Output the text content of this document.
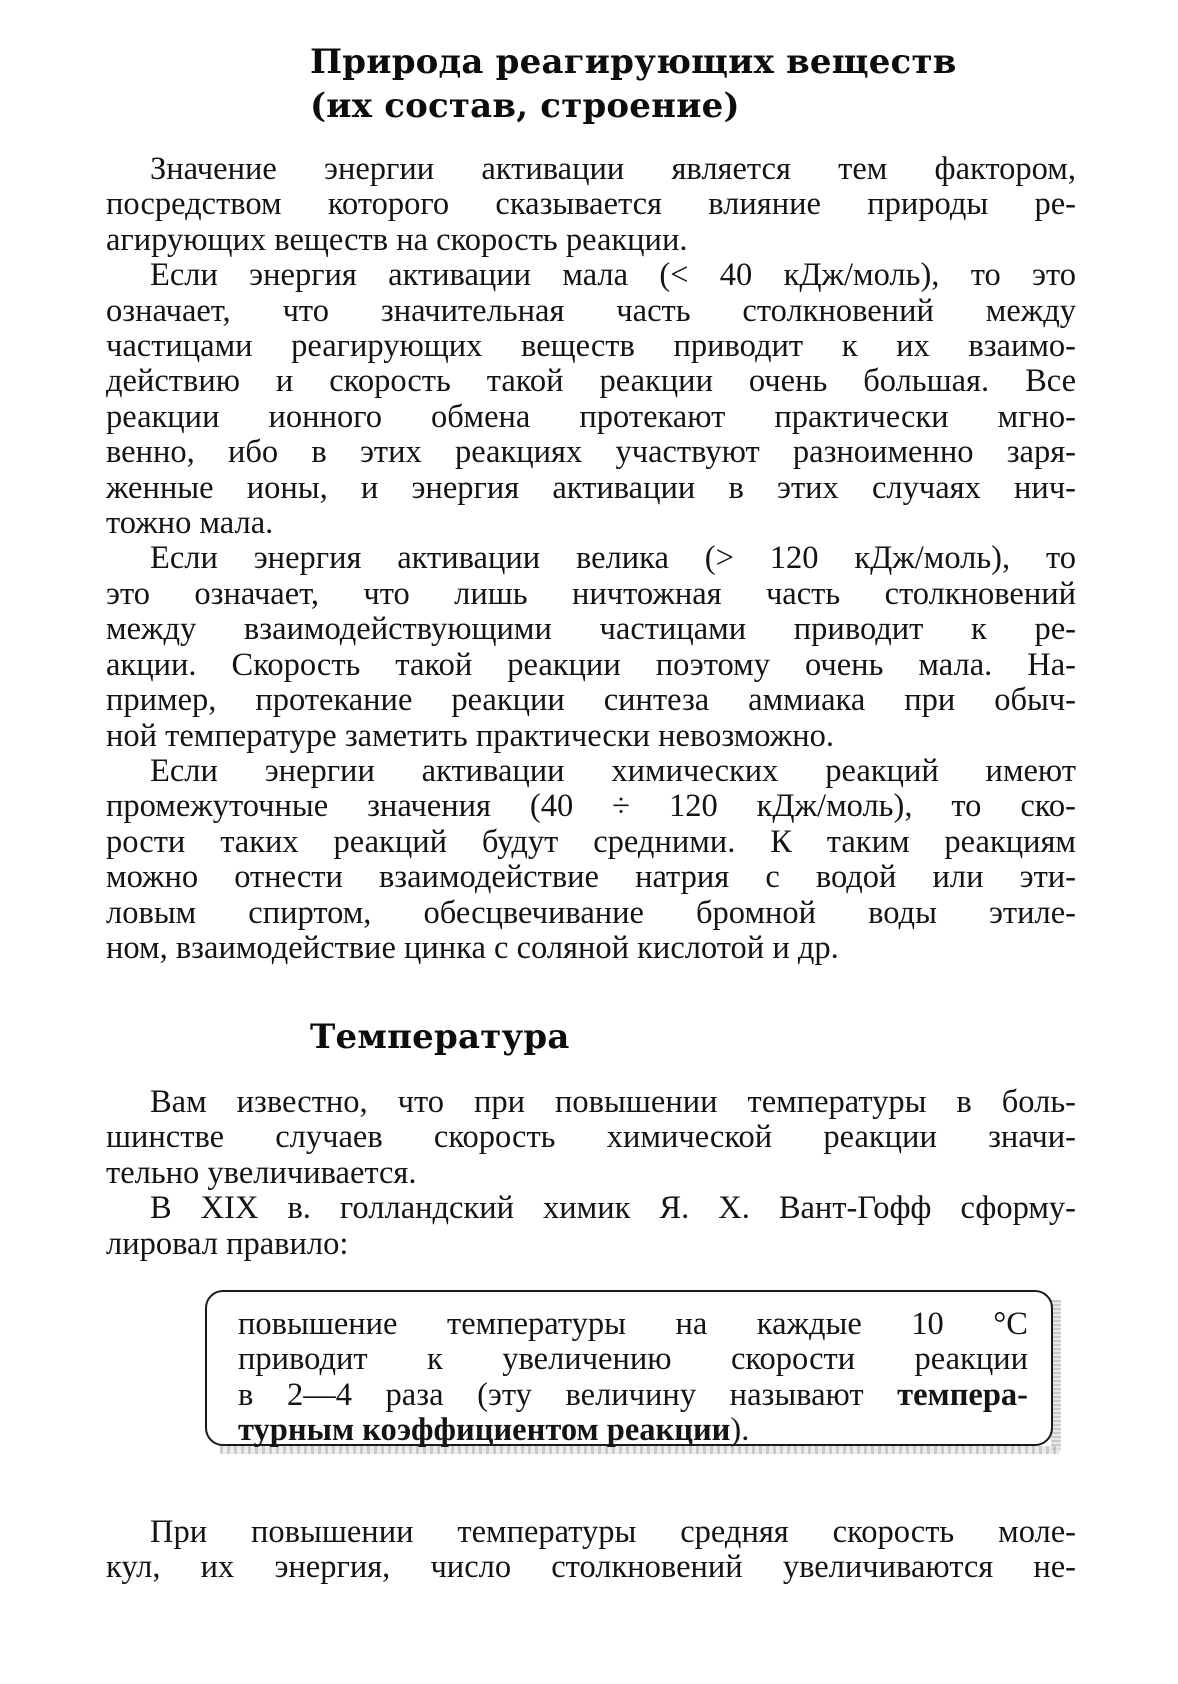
Природа реагирующих веществ
(их состав, строение)

Значение энергии активации является тем фактором,
посредством которого сказывается влияние природы ре-
агирующих веществ на скорость реакции.

Если энергия активации мала (< 40 кДж/моль), то это
означает, что значительная часть столкновений между
частицами реагирующих веществ приводит к их взаимо-
действию и скорость такой реакции очень большая. Все
реакции ионного обмена протекают практически мгно-
венно, ибо в этих реакциях участвуют разноименно заря-
женные ионы, и энергия активации в этих случаях нич-
тожно мала.

Если энергия активации велика (> 120 кДж/моль), то
это означает, что лишь ничтожная часть столкновений
между взаимодействующими частицами приводит к ре-
акции. Скорость такой реакции поэтому очень мала. На-
пример, протекание реакции синтеза аммиака при обыч-
ной температуре заметить практически невозможно.

Если энергии активации химических реакций имеют
промежуточные значения (40 ÷ 120 кДж/моль), то ско-
рости таких реакций будут средними. К таким реакциям
можно отнести взаимодействие натрия с водой или эти-
ловым спиртом, обесцвечивание бромной воды этиле-
ном, взаимодействие цинка с соляной кислотой и др.

Температура

Вам известно, что при повышении температуры в боль-
шинстве случаев скорость химической реакции значи-
тельно увеличивается.

В XIX в. голландский химик Я. Х. Вант-Гофф сформу-
лировал правило:

повышение температуры на каждые 10 °С
приводит к увеличению скорости реакции
в 2—4 раза (эту величину называют темпера-
турным коэффициентом реакции).

При повышении температуры средняя скорость моле-
кул, их энергия, число столкновений увеличиваются не-
